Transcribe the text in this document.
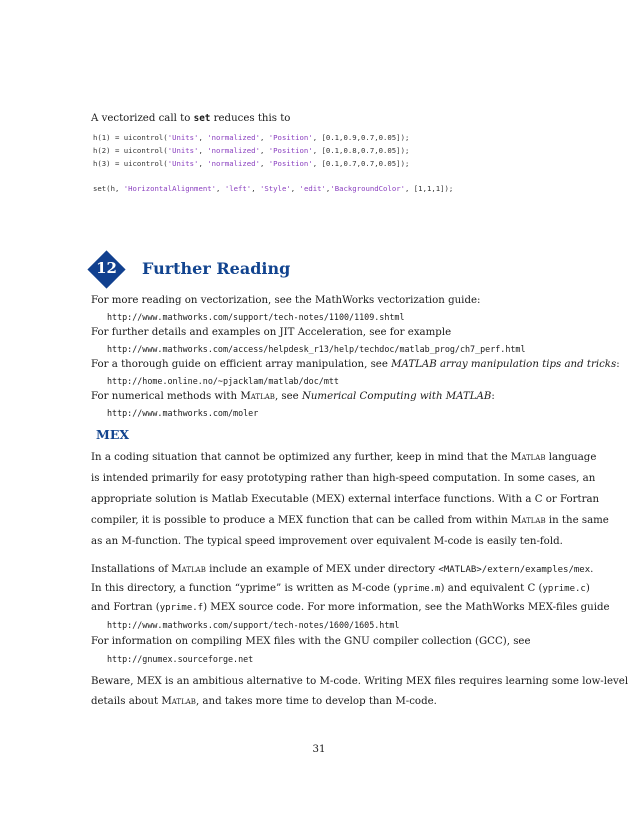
A vectorized call to set reduces this to
h(1) = uicontrol('Units', 'normalized', 'Position', [0.1,0.9,0.7,0.05]);
h(2) = uicontrol('Units', 'normalized', 'Position', [0.1,0.8,0.7,0.05]);
h(3) = uicontrol('Units', 'normalized', 'Position', [0.1,0.7,0.7,0.05]);
set(h, 'HorizontalAlignment', 'left', 'Style', 'edit','BackgroundColor', [1,1,1]);
12	Further Reading
For more reading on vectorization, see the MathWorks vectorization guide:
http://www.mathworks.com/support/tech-notes/1100/1109.shtml
For further details and examples on JIT Acceleration, see for example
http://www.mathworks.com/access/helpdesk_r13/help/techdoc/matlab_prog/ch7_perf.html
For a thorough guide on efficient array manipulation, see MATLAB array manipulation tips and tricks:
http://home.online.no/~pjacklam/matlab/doc/mtt
For numerical methods with Matlab, see Numerical Computing with MATLAB:
http://www.mathworks.com/moler
MEX
In a coding situation that cannot be optimized any further, keep in mind that the Matlab language
is intended primarily for easy prototyping rather than high-speed computation. In some cases, an
appropriate solution is Matlab Executable (MEX) external interface functions. With a C or Fortran
compiler, it is possible to produce a MEX function that can be called from within Matlab in the same
as an M-function. The typical speed improvement over equivalent M-code is easily ten-fold.
Installations of Matlab include an example of MEX under directory <MATLAB>/extern/examples/mex.
In this directory, a function “yprime” is written as M-code (yprime.m) and equivalent C (yprime.c)
and Fortran (yprime.f) MEX source code. For more information, see the MathWorks MEX-files guide
http://www.mathworks.com/support/tech-notes/1600/1605.html
For information on compiling MEX files with the GNU compiler collection (GCC), see
http://gnumex.sourceforge.net
Beware, MEX is an ambitious alternative to M-code. Writing MEX files requires learning some low-level
details about Matlab, and takes more time to develop than M-code.
31
